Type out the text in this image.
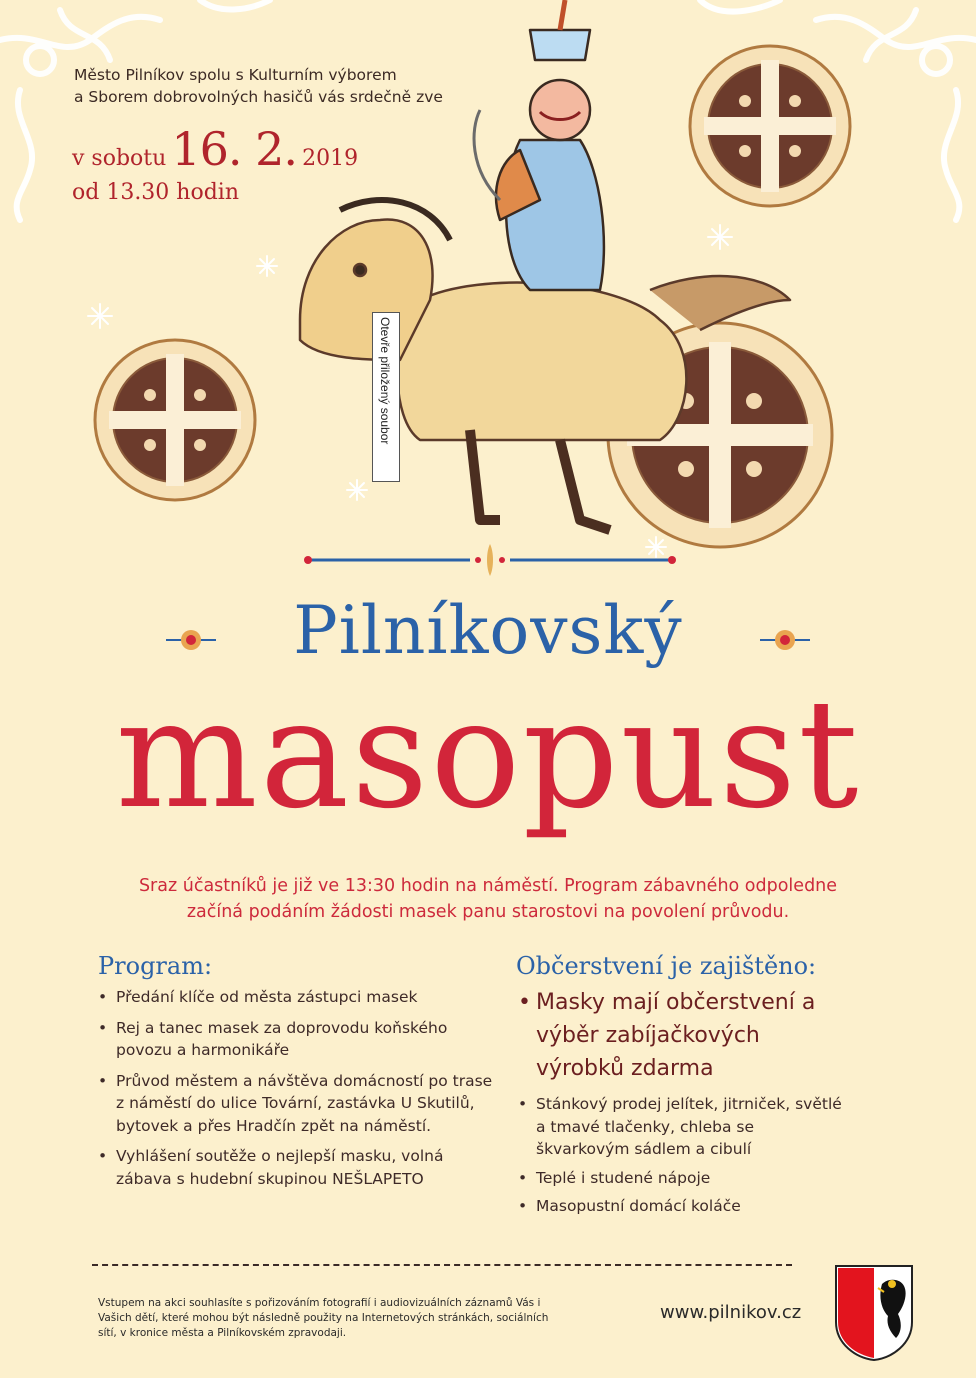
Město Pilníkov spolu s Kulturním výborem
a Sborem dobrovolných hasičů vás srdečně zve
v sobotu 16. 2. 2019
od 13.30 hodin
Otevře přiložený soubor
Pilníkovský
masopust
Sraz účastníků je již ve 13:30 hodin na náměstí. Program zábavného odpoledne
začíná podáním žádosti masek panu starostovi na povolení průvodu.
Program:
• Předání klíče od města zástupci masek
• Rej a tanec masek za doprovodu koňského povozu a harmonikáře
• Průvod městem a návštěva domácností po trase z náměstí do ulice Tovární, zastávka U Skutilů, bytovek a přes Hradčín zpět na náměstí.
• Vyhlášení soutěže o nejlepší masku, volná zábava s hudební skupinou NEŠLAPETO
Občerstvení je zajištěno:
• Masky mají občerstvení a výběr zabíjačkových výrobků zdarma
• Stánkový prodej jelítek, jitrniček, světlé a tmavé tlačenky, chleba se škvarkovým sádlem a cibulí
• Teplé i studené nápoje
• Masopustní domácí koláče
Vstupem na akci souhlasíte s pořizováním fotografií i audiovizuálních záznamů Vás i Vašich dětí, které mohou být následně použity na Internetových stránkách, sociálních sítí, v kronice města a Pilníkovském zpravodaji.
www.pilnikov.cz
